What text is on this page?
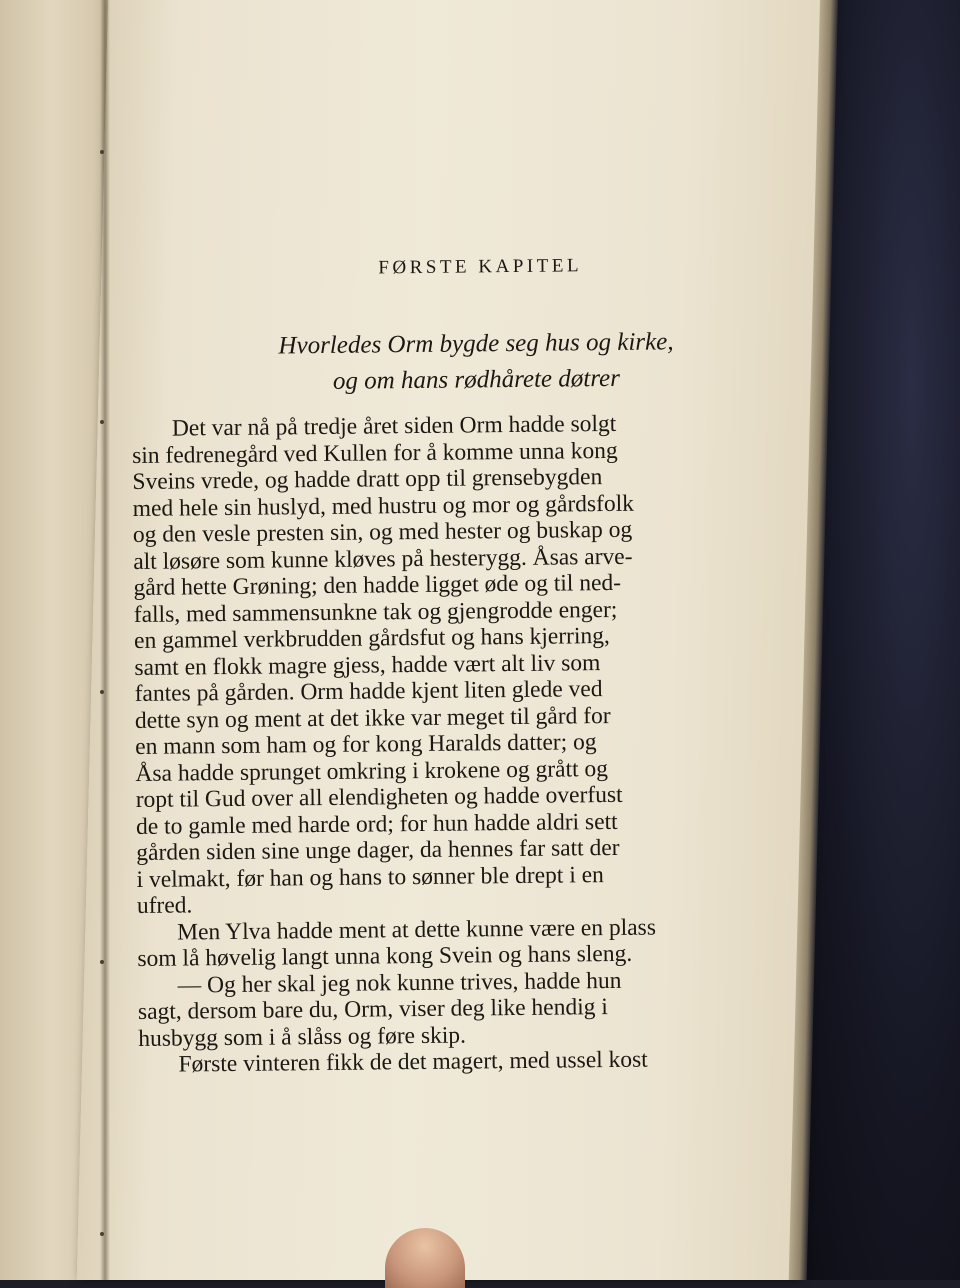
FØRSTE KAPITEL
Hvorledes Orm bygde seg hus og kirke,
og om hans rødhårete døtrer
Det var nå på tredje året siden Orm hadde solgt
sin fedrenegård ved Kullen for å komme unna kong
Sveins vrede, og hadde dratt opp til grensebygden
med hele sin huslyd, med hustru og mor og gårdsfolk
og den vesle presten sin, og med hester og buskap og
alt løsøre som kunne kløves på hesterygg. Åsas arve-
gård hette Grøning; den hadde ligget øde og til ned-
falls, med sammensunkne tak og gjengrodde enger;
en gammel verkbrudden gårdsfut og hans kjerring,
samt en flokk magre gjess, hadde vært alt liv som
fantes på gården. Orm hadde kjent liten glede ved
dette syn og ment at det ikke var meget til gård for
en mann som ham og for kong Haralds datter; og
Åsa hadde sprunget omkring i krokene og grått og
ropt til Gud over all elendigheten og hadde overfust
de to gamle med harde ord; for hun hadde aldri sett
gården siden sine unge dager, da hennes far satt der
i velmakt, før han og hans to sønner ble drept i en
ufred.
Men Ylva hadde ment at dette kunne være en plass
som lå høvelig langt unna kong Svein og hans sleng.
— Og her skal jeg nok kunne trives, hadde hun
sagt, dersom bare du, Orm, viser deg like hendig i
husbygg som i å slåss og føre skip.
Første vinteren fikk de det magert, med ussel kost
